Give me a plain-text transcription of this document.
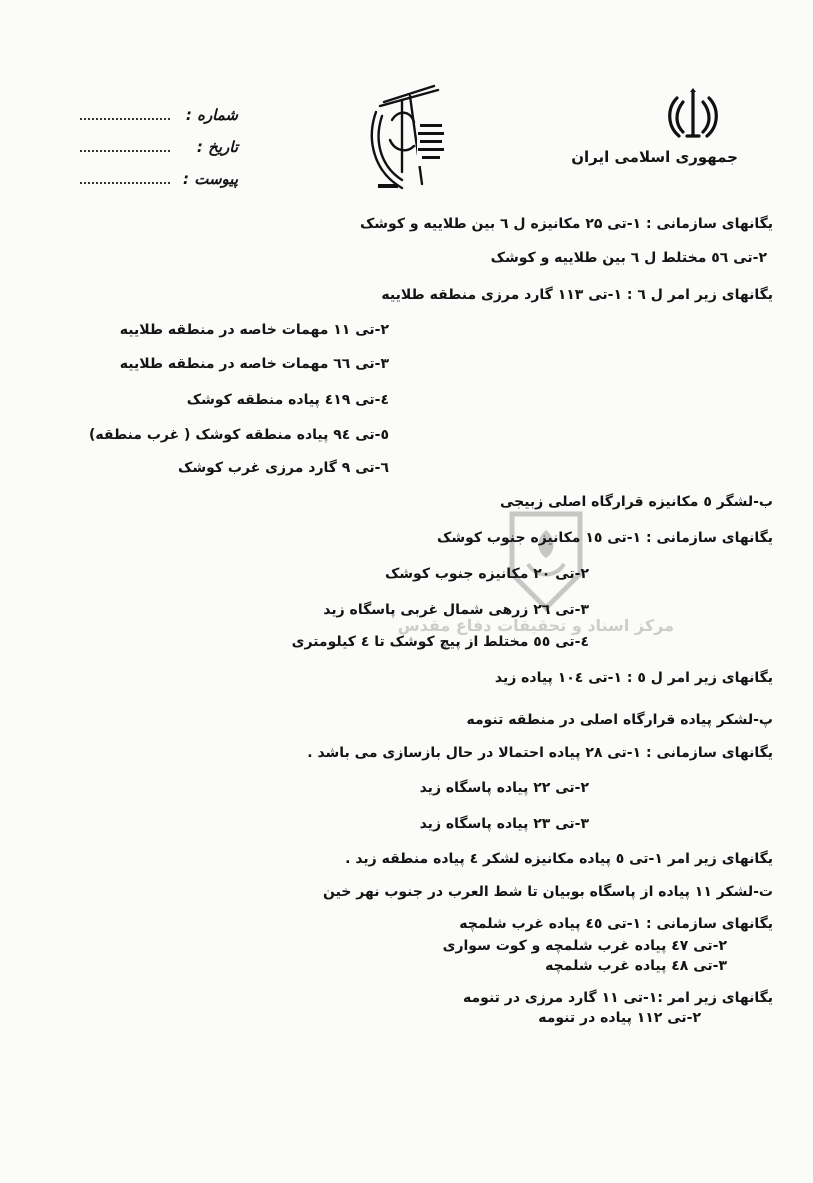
جمهوری اسلامی ایران
شماره :
تاریخ :
پیوست :
مرکز اسناد و تحقیقات دفاع مقدس
یگانهای سازمانی : ۱-تی ۲۵ مکانیزه ل ٦ بین طلاییه و کوشک
۲-تی ٥٦ مختلط ل ٦ بین طلاییه و کوشک
یگانهای زیر امر ل ٦ : ۱-تی ۱۱۳ گارد مرزی منطقه طلاییه
۲-تی ۱۱ مهمات خاصه در منطقه طلاییه
۳-تی ٦٦ مهمات خاصه در منطقه طلاییه
٤-تی ٤١٩ پیاده منطقه کوشک
٥-تی ۹٤ پیاده منطقه کوشک ( غرب منطقه)
٦-تی ۹ گارد مرزی غرب کوشک
ب-لشگر ٥ مکانیزه قرارگاه اصلی زبیجی
یگانهای سازمانی : ۱-تی ١٥ مکانیزه جنوب کوشک
۲-تی ۲۰ مکانیزه جنوب کوشک
۳-تی ۲٦ زرهی شمال غربی پاسگاه زید
٤-تی ٥٥ مختلط از پیچ کوشک تا ٤ کیلومتری
یگانهای زیر امر ل ٥ : ۱-تی ۱۰٤ پیاده زید
پ-لشکر پیاده قرارگاه اصلی در منطقه تنومه
یگانهای سازمانی : ۱-تی ۲۸ پیاده احتمالا در حال بازسازی می باشد .
۲-تی ۲۲ پیاده پاسگاه زید
۳-تی ۲۳ پیاده پاسگاه زید
یگانهای زیر امر ۱-تی ٥ پیاده مکانیزه لشکر ٤ پیاده منطقه زید .
ت-لشکر ۱۱ پیاده از پاسگاه بوبیان تا شط العرب در جنوب نهر خین
یگانهای سازمانی : ۱-تی ٤٥ پیاده غرب شلمچه
۲-تی ٤٧ پیاده غرب شلمچه و کوت سواری
۳-تی ٤٨ پیاده غرب شلمچه
یگانهای زیر امر :۱-تی ۱۱ گارد مرزی در تنومه
۲-تی ۱۱۲ پیاده در تنومه
